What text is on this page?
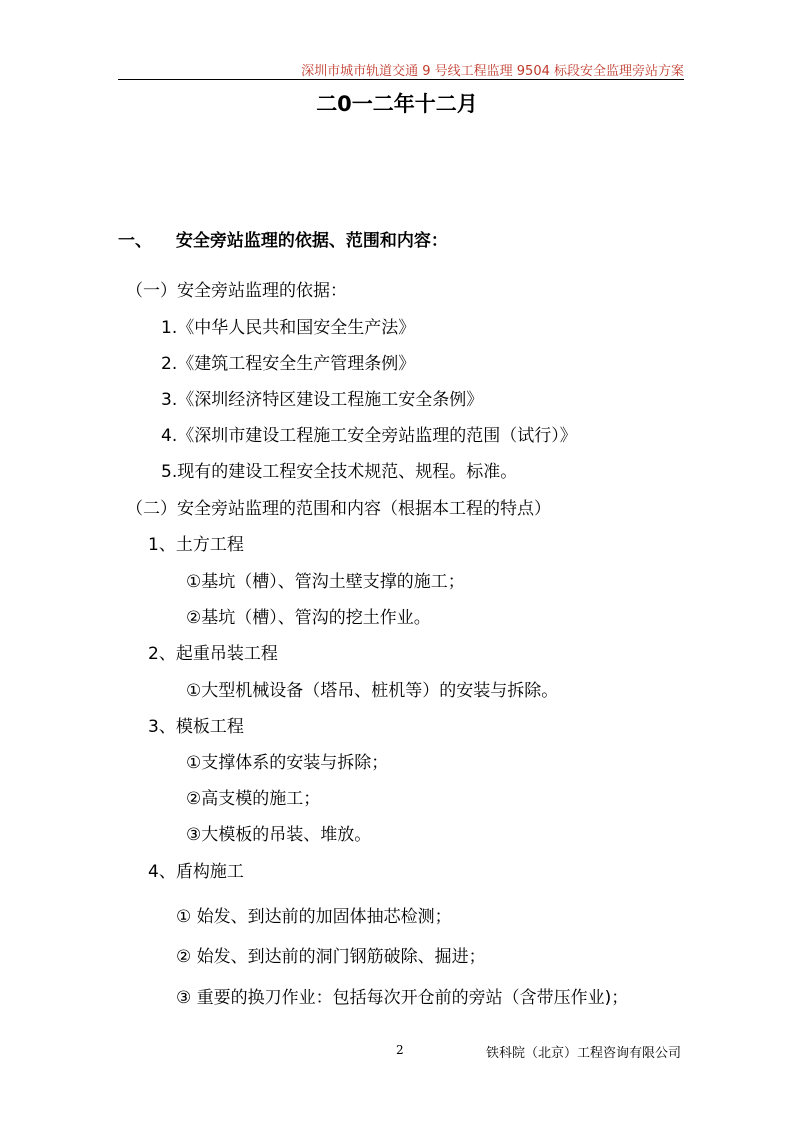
深圳市城市轨道交通 9 号线工程监理 9504 标段安全监理旁站方案
二0一二年十二月
一、 安全旁站监理的依据、范围和内容：
（一）安全旁站监理的依据：
1.《中华人民共和国安全生产法》
2.《建筑工程安全生产管理条例》
3.《深圳经济特区建设工程施工安全条例》
4.《深圳市建设工程施工安全旁站监理的范围（试行）》
5.现有的建设工程安全技术规范、规程。标准。
（二）安全旁站监理的范围和内容（根据本工程的特点）
1、土方工程
①基坑（槽）、管沟土壁支撑的施工；
②基坑（槽）、管沟的挖土作业。
2、起重吊装工程
①大型机械设备（塔吊、桩机等）的安装与拆除。
3、模板工程
①支撑体系的安装与拆除；
②高支模的施工；
③大模板的吊装、堆放。
4、盾构施工
① 始发、到达前的加固体抽芯检测；
② 始发、到达前的洞门钢筋破除、掘进；
③ 重要的换刀作业：包括每次开仓前的旁站（含带压作业)；
2	铁科院（北京）工程咨询有限公司
